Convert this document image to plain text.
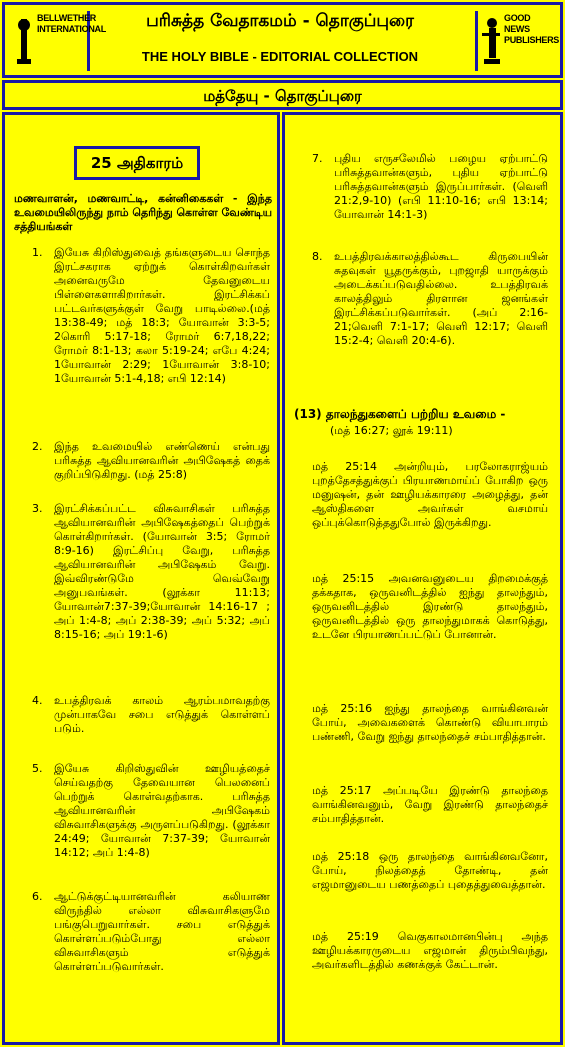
BELLWETHER INTERNATIONAL	பரிசுத்த வேதாகமம் - தொகுப்புரை
THE HOLY BIBLE - EDITORIAL COLLECTION
GOOD NEWS PUBLISHERS
மத்தேயு - தொகுப்புரை
25 அதிகாரம்
மணவாளன், மணவாட்டி, கன்னிகைகள் - இந்த உவமையிலிருந்து நாம் தெரிந்து கொள்ள வேண்டிய சத்தியங்கள்
1. இயேசு கிறிஸ்துவைத் தங்களுடைய சொந்த இரட்சகராக ஏற்றுக் கொள்கிறவர்கள் அனைவருமே தேவனுடைய பிள்ளைகளாகிறார்கள். இரட்சிக்கப் பட்டவர்களுக்குள் வேறு பாடில்லை.(மத் 13:38-49; மத் 18:3; யோவான் 3:3-5; 2கொரி 5:17-18; ரோமர் 6:7,18,22; ரோமர் 8:1-13; கலா 5:19-24; எபே 4:24; 1யோவான் 2:29; 1யோவான் 3:8-10; 1யோவான் 5:1-4,18; எபி 12:14)
2. இந்த உவமையில் எண்ணெய் என்பது பரிசுத்த ஆவியானவரின் அபிஷேகத் தைக் குறிப்பிடுகிறது. (மத் 25:8)
3. இரட்சிக்கப்பட்ட விசுவாசிகள் பரிசுத்த ஆவியானவரின் அபிஷேகத்தைப் பெற்றுக் கொள்கிறார்கள். (யோவான் 3:5; ரோமர் 8:9-16) இரட்சிப்பு வேறு, பரிசுத்த ஆவியானவரின் அபிஷேகம் வேறு. இவ்விரண்டுமே வெவ்வேறு அனுபவங்கள். (லூக்கா 11:13; யோவான்7:37-39;யோவான் 14:16-17 ; அப் 1:4-8; அப் 2:38-39; அப் 5:32; அப் 8:15-16; அப் 19:1-6)
4. உபத்திரவக் காலம் ஆரம்பமாவதற்கு முன்பாகவே சபை எடுத்துக் கொள்ளப் படும்.
5. இயேசு கிறிஸ்துவின் ஊழியத்தைச் செய்வதற்கு தேவையான பெலனைப் பெற்றுக் கொள்வதற்காக. பரிசுத்த ஆவியானவரின் அபிஷேகம் விசுவாசிகளுக்கு அருளப்படுகிறது. (லூக்கா 24:49; யோவான் 7:37-39; யோவான் 14:12; அப் 1:4-8)
6. ஆட்டுக்குட்டியானவரின் கலியாண விருந்தில் எல்லா விசுவாசிகளுமே பங்குபெறுவார்கள். சபை எடுத்துக் கொள்ளப்படும்போது எல்லா விசுவாசிகளும் எடுத்துக் கொள்ளப்படுவார்கள்.
7. புதிய எருசலேமில் பழைய ஏற்பாட்டு பரிசுத்தவான்களும், புதிய ஏற்பாட்டு பரிசுத்தவான்களும் இருப்பார்கள். (வெளி 21:2,9-10) (எபி 11:10-16; எபி 13:14; யோவான் 14:1-3)
8. உபத்திரவக்காலத்தில்கூட கிருபையின் சுதவுகள் யூதருக்கும், புறஜாதி யாருக்கும் அடைக்கப்படுவதில்லை. உபத்திரவக் காலத்திலும் திரளான ஜனங்கள் இரட்சிக்கப்படுவார்கள். (அப் 2:16-21;வெளி 7:1-17; வெளி 12:17; வெளி 15:2-4; வெளி 20:4-6).
(13) தாலந்துகளைப் பற்றிய உவமை -
(மத் 16:27; லூக் 19:11)
மத் 25:14 அன்றியும், பரலோகராஜ்யம் புறத்தேசத்துக்குப் பிரயாணமாய்ப் போகிற ஒரு மனுஷன், தன் ஊழியக்காரரை அழைத்து, தன் ஆஸ்திகளை அவர்கள் வசமாய் ஒப்புக்கொடுத்ததுபோல் இருக்கிறது.
மத் 25:15 அவனவனுடைய திறமைக்குத் தக்கதாக, ஒருவனிடத்தில் ஐந்து தாலந்தும், ஒருவனிடத்தில் இரண்டு தாலந்தும், ஒருவனிடத்தில் ஒரு தாலந்துமாகக் கொடுத்து, உடனே பிரயாணப்பட்டுப் போனான்.
மத் 25:16 ஐந்து தாலந்தை வாங்கினவன் போய், அவைகளைக் கொண்டு வியாபாரம் பண்ணி, வேறு ஐந்து தாலந்தைச் சம்பாதித்தான்.
மத் 25:17 அப்படியே இரண்டு தாலந்தை வாங்கினவனும், வேறு இரண்டு தாலந்தைச் சம்பாதித்தான்.
மத் 25:18 ஒரு தாலந்தை வாங்கினவனோ, போய், நிலத்தைத் தோண்டி, தன் எஜமானுடைய பணத்தைப் புதைத்துவைத்தான்.
மத் 25:19 வெகுகாலமானபின்பு அந்த ஊழியக்காரருடைய எஜமான் திரும்பிவந்து, அவர்களிடத்தில் கணக்குக் கேட்டான்.
